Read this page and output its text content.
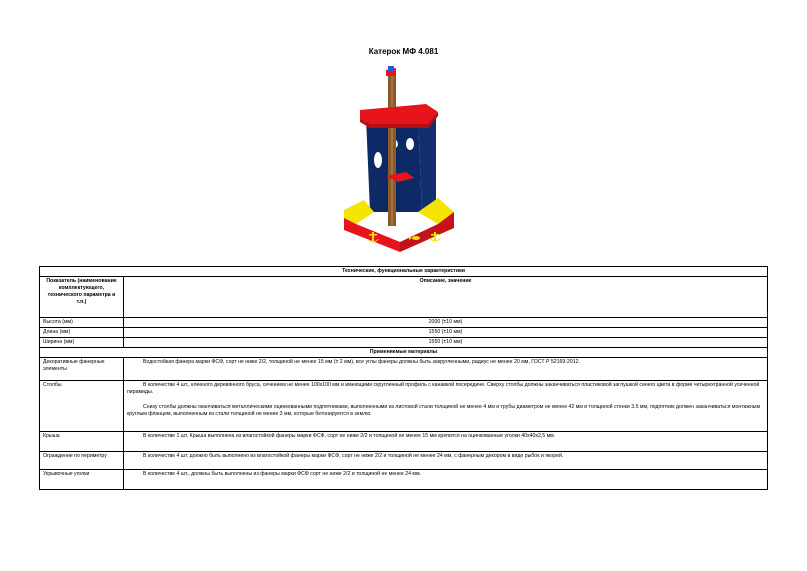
Катерок МФ 4.081
Технические, функциональные характеристики	
Показатель (наименование комплектующего, технического параметра и т.п.)	Описание, значение
Высота (мм)	2000 (±10 мм)
Длина (мм)	1550 (±10 мм)
Ширина (мм)	1550 (±10 мм)
Применяемые материалы	
Декоративные фанерные элементы	Водостойкая фанера марки ФСФ, сорт не ниже 2/2, толщиной не менее 15 мм (± 2 мм), все углы фанеры должны быть закругленными, радиус не менее 20 мм, ГОСТ Р 52169-2012.

Столбы	В количестве 4 шт., клееного деревянного бруса, сечением не менее 100х100 мм и имеющими скругленный профиль с канавкой посередине. Сверху столбы должны заканчиваться пластиковой заглушкой синего цвета в форме четырехгранной усеченной пирамиды.
Снизу столбы должны оканчиваться металлическими оцинкованными подпятниками, выполненными из листовой стали толщиной не менее 4 мм и трубы диаметром не менее 42 мм и толщиной стенки 3.5 мм, подпятник должен заканчиваться монтажным круглым фланцем, выполненным из стали толщиной не менее 3 мм, которые бетонируются в землю.

Крыша	В количестве 1 шт. Крыша выполнена из влагостойкой фанеры марки ФСФ, сорт не ниже 2/2 и толщиной не менее 15 мм крепится на оцинкованные уголки 40х40х2,5 мм.

Ограждение по периметру	В количестве 4 шт. должно быть выполнено из влагостойкой фанеры марки ФСФ, сорт не ниже 2/2 и толщиной не менее 24 мм, с фанерным декором в виде рыбок и якорей.

Укрывочные уголки	В количестве 4 шт., должны быть выполнены из фанеры марки ФСФ сорт не ниже 2/2 и толщиной не менее 24 мм.
